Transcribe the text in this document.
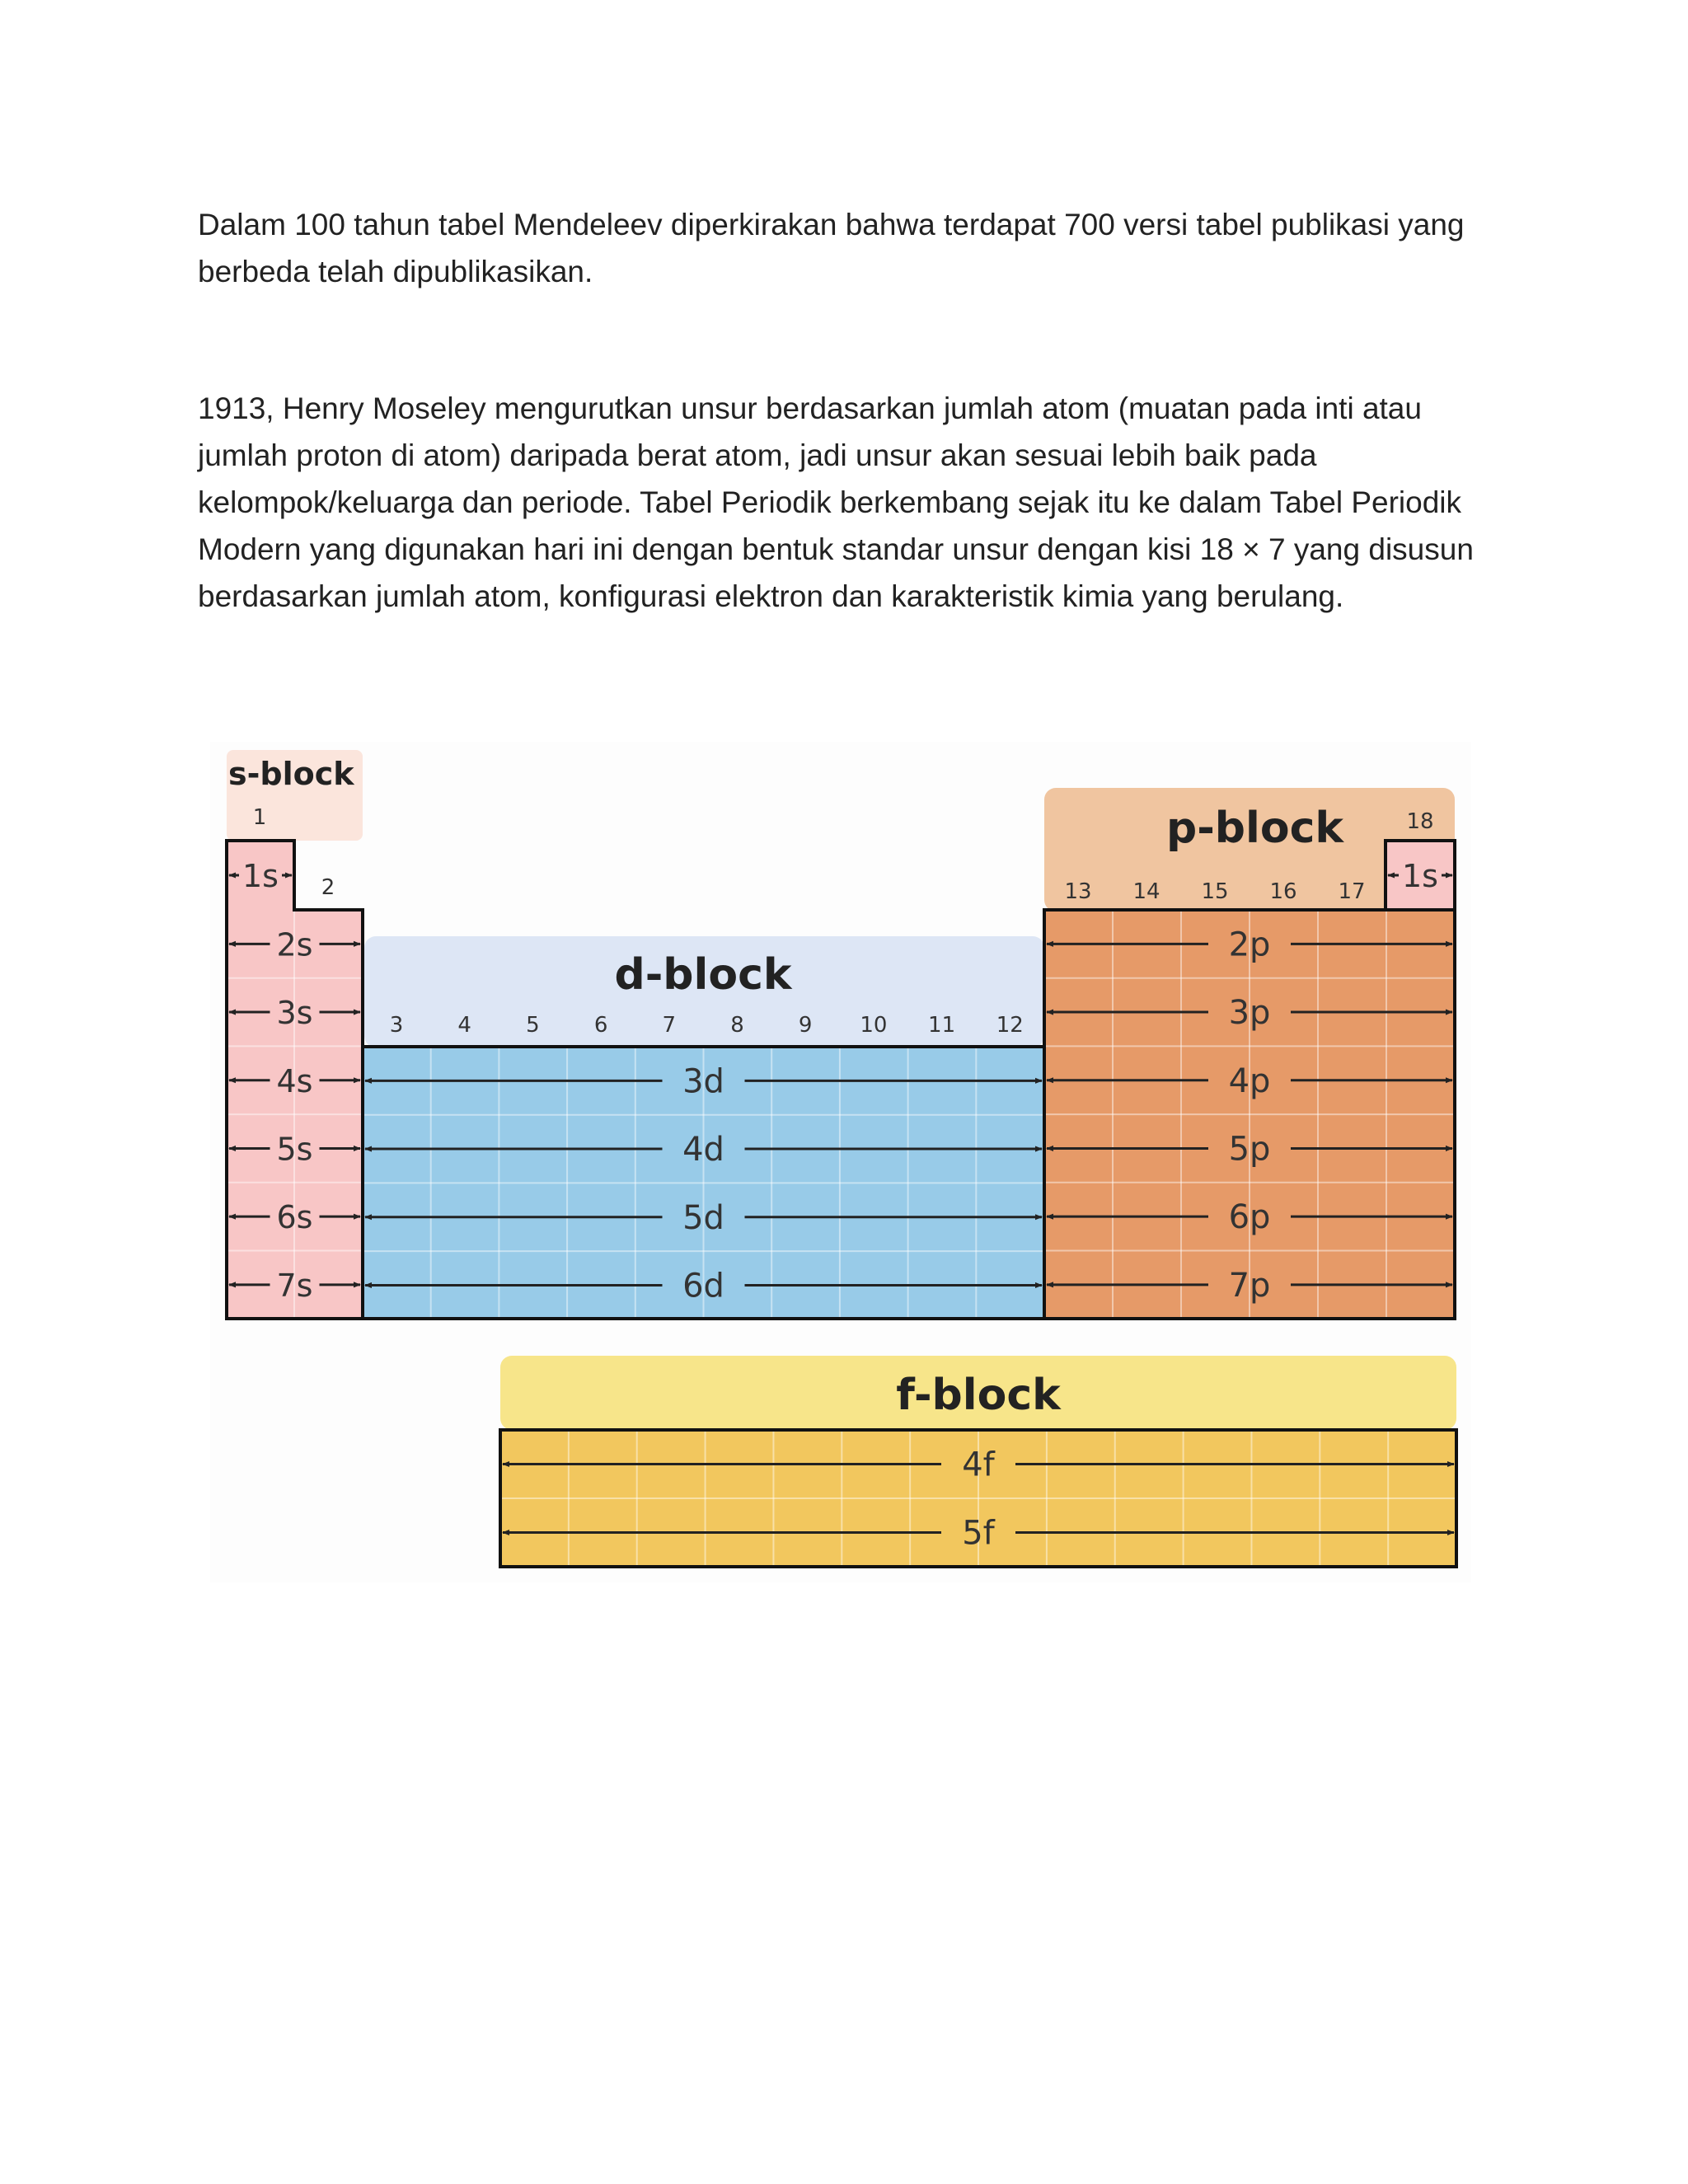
Dalam 100 tahun tabel Mendeleev diperkirakan bahwa terdapat 700 versi tabel publikasi yang berbeda telah dipublikasikan.

1913, Henry Moseley mengurutkan unsur berdasarkan jumlah atom (muatan pada inti atau jumlah proton di atom) daripada berat atom, jadi unsur akan sesuai lebih baik pada kelompok/keluarga dan periode. Tabel Periodik berkembang sejak itu ke dalam Tabel Periodik Modern yang digunakan hari ini dengan bentuk standar unsur dengan kisi 18 × 7 yang disusun berdasarkan jumlah atom, konfigurasi elektron dan karakteristik kimia yang berulang.

s-block
p-block
d-block
f-block
1
2
3	4	5	6	7	8	9 10 11 12
13 14 15 16 17
18
1s
2s
3s
4s
5s
6s
7s
3d
4d
5d
6d
2p
3p
4p
5p
6p
7p
1s
4f
5f
